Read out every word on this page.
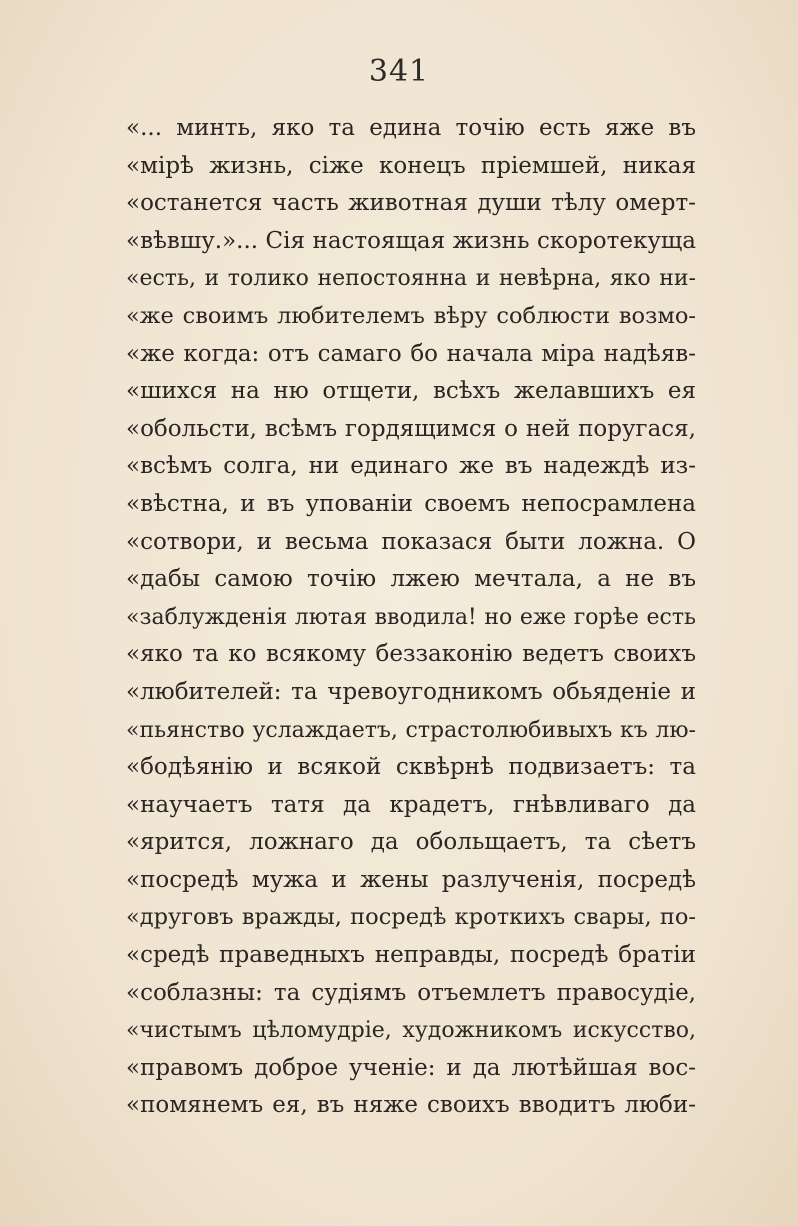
341
«... минть, яко та едина точію есть яже въ
«мірѣ жизнь, сіже конецъ пріемшей, никая
«останется часть животная души тѣлу омерт-
«вѣвшу.»... Сія настоящая жизнь скоротекуща
«есть, и толико непостоянна и невѣрна, яко ни-
«же своимъ любителемъ вѣру соблюсти возмо-
«же когда: отъ самаго бо начала міра надѣяв-
«шихся на ню отщети, всѣхъ желавшихъ ея
«обольсти, всѣмъ гордящимся о ней поругася,
«всѣмъ солга, ни единаго же въ надеждѣ из-
«вѣстна, и въ упованіи своемъ непосрамлена
«сотвори, и весьма показася быти ложна. О
«дабы самою точію лжею мечтала, а не въ
«заблужденія лютая вводила! но еже горѣе есть
«яко та ко всякому беззаконію ведетъ своихъ
«любителей: та чревоугодникомъ обьяденіе и
«пьянство услаждаетъ, страстолюбивыхъ къ лю-
«бодѣянію и всякой сквѣрнѣ подвизаетъ: та
«научаетъ татя да крадетъ, гнѣвливаго да
«ярится, ложнаго да обольщаетъ, та сѣетъ
«посредѣ мужа и жены разлученія, посредѣ
«друговъ вражды, посредѣ кроткихъ свары, по-
«средѣ праведныхъ неправды, посредѣ братіи
«соблазны: та судіямъ отъемлетъ правосудіе,
«чистымъ цѣломудріе, художникомъ искусство,
«правомъ доброе ученіе: и да лютѣйшая вос-
«помянемъ ея, въ няже своихъ вводитъ люби-
